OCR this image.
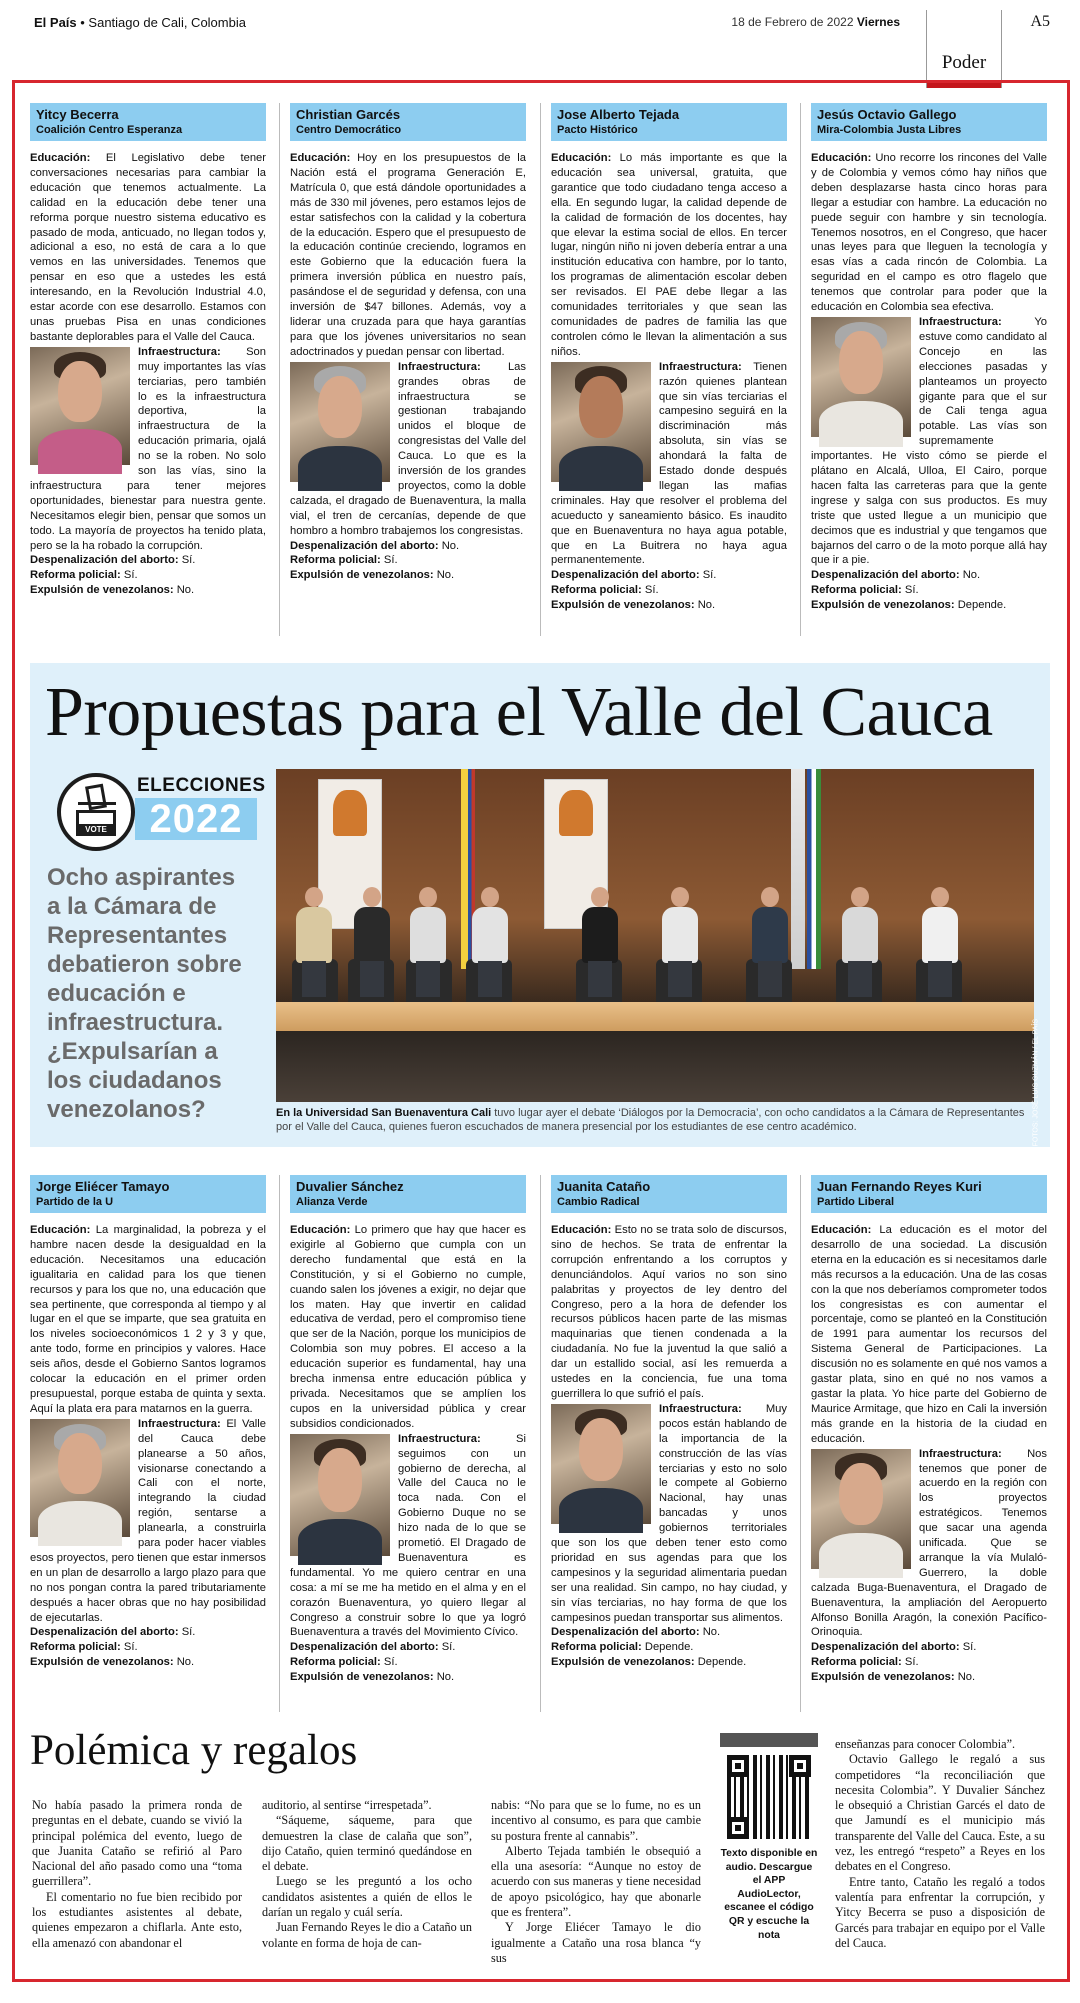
El País • Santiago de Cali, Colombia	18 de Febrero de 2022 Viernes
Poder
A5
Yitcy Becerra
Coalición Centro Esperanza

Educación: El Legislativo debe tener conversaciones necesarias para cambiar la educación que tenemos actualmente. La calidad en la educación debe tener una reforma porque nuestro sistema educativo es pasado de moda, anticuado, no llegan todos y, adicional a eso, no está de cara a lo que vemos en las universidades. Tenemos que pensar en eso que a ustedes les está interesando, en la Revolución Industrial 4.0, estar acorde con ese desarrollo. Estamos con unas pruebas Pisa en unas condiciones bastante deplorables para el Valle del Cauca.

Infraestructura: Son muy importantes las vías terciarias, pero también lo es la infraestructura deportiva, la infraestructura de la educación primaria, ojalá no se la roben. No solo son las vías, sino la infraestructura para tener mejores oportunidades, bienestar para nuestra gente. Necesitamos elegir bien, pensar que somos un todo. La mayoría de proyectos ha tenido plata, pero se la ha robado la corrupción.

Despenalización del aborto: Sí.

Reforma policial: Sí.

Expulsión de venezolanos: No.

Christian Garcés
Centro Democrático

Educación: Hoy en los presupuestos de la Nación está el programa Generación E, Matrícula 0, que está dándole oportunidades a más de 330 mil jóvenes, pero estamos lejos de estar satisfechos con la calidad y la cobertura de la educación. Espero que el presupuesto de la educación continúe creciendo, logramos en este Gobierno que la educación fuera la primera inversión pública en nuestro país, pasándose el de seguridad y defensa, con una inversión de $47 billones. Además, voy a liderar una cruzada para que haya garantías para que los jóvenes universitarios no sean adoctrinados y puedan pensar con libertad.

Infraestructura: Las grandes obras de infraestructura se gestionan trabajando unidos el bloque de congresistas del Valle del Cauca. Lo que es la inversión de los grandes proyectos, como la doble calzada, el dragado de Buenaventura, la malla vial, el tren de cercanías, depende de que hombro a hombro trabajemos los congresistas.

Despenalización del aborto: No.

Reforma policial: Sí.

Expulsión de venezolanos: No.

Jose Alberto Tejada
Pacto Histórico

Educación: Lo más importante es que la educación sea universal, gratuita, que garantice que todo ciudadano tenga acceso a ella. En segundo lugar, la calidad depende de la calidad de formación de los docentes, hay que elevar la estima social de ellos. En tercer lugar, ningún niño ni joven debería entrar a una institución educativa con hambre, por lo tanto, los programas de alimentación escolar deben ser revisados. El PAE debe llegar a las comunidades territoriales y que sean las comunidades de padres de familia las que controlen cómo le llevan la alimentación a sus niños.

Infraestructura: Tienen razón quienes plantean que sin vías terciarias el campesino seguirá en la discriminación más absoluta, sin vías se ahondará la falta de Estado donde después llegan las mafias criminales. Hay que resolver el problema del acueducto y saneamiento básico. Es inaudito que en Buenaventura no haya agua potable, que en La Buitrera no haya agua permanentemente.

Despenalización del aborto: Sí.

Reforma policial: Sí.

Expulsión de venezolanos: No.

Jesús Octavio Gallego
Mira-Colombia Justa Libres

Educación: Uno recorre los rincones del Valle y de Colombia y vemos cómo hay niños que deben desplazarse hasta cinco horas para llegar a estudiar con hambre. La educación no puede seguir con hambre y sin tecnología. Tenemos nosotros, en el Congreso, que hacer unas leyes para que lleguen la tecnología y esas vías a cada rincón de Colombia. La seguridad en el campo es otro flagelo que tenemos que controlar para poder que la educación en Colombia sea efectiva.

Infraestructura:	Yo estuve como candidato al Concejo en las elecciones pasadas y planteamos un proyecto gigante para que el sur de Cali tenga agua potable. Las vías son supremamente importantes. He visto cómo se pierde el plátano en Alcalá, Ulloa, El Cairo, porque hacen falta las carreteras para que la gente ingrese y salga con sus productos. Es muy triste que usted llegue a un municipio que decimos que es industrial y que tengamos que bajarnos del carro o de la moto porque allá hay que ir a pie.

Despenalización del aborto: No.

Reforma policial: Sí.

Expulsión de venezolanos: Depende.

Propuestas para el Valle del Cauca
VOTE
ELECCIONES
2022
Ocho aspirantes a la Cámara de Representantes debatieron sobre educación e infraestructura. ¿Expulsarían a los ciudadanos venezolanos?	FOTOS: JOSÉ LUIS GUZMÁN / EL PAÍS
En la Universidad San Buenaventura Cali tuvo lugar ayer el debate ‘Diálogos por la Democracia’, con ocho candidatos a la Cámara de Representantes por el Valle del Cauca, quienes fueron escuchados de manera presencial por los estudiantes de ese centro académico.
Jorge Eliécer Tamayo
Partido de la U

Educación: La marginalidad, la pobreza y el hambre nacen desde la desigualdad en la educación. Necesitamos una educación igualitaria en calidad para los que tienen recursos y para los que no, una educación que sea pertinente, que corresponda al tiempo y al lugar en el que se imparte, que sea gratuita en los niveles socioeconómicos 1 2 y 3 y que, ante todo, forme en principios y valores. Hace seis años, desde el Gobierno Santos logramos colocar la educación en el primer orden presupuestal, porque estaba de quinta y sexta. Aquí la plata era para matarnos en la guerra.

Infraestructura: El Valle del Cauca debe planearse a 50 años, visionarse conectando a Cali con el norte, integrando la ciudad región, sentarse a planearla, a construirla para poder hacer viables esos proyectos, pero tienen que estar inmersos en un plan de desarrollo a largo plazo para que no nos pongan contra la pared tributariamente después a hacer obras que no hay posibilidad de ejecutarlas.

Despenalización del aborto: Sí.

Reforma policial: Sí.

Expulsión de venezolanos: No.

Duvalier Sánchez
Alianza Verde

Educación: Lo primero que hay que hacer es exigirle al Gobierno que cumpla con un derecho fundamental que está en la Constitución, y si el Gobierno no cumple, cuando salen los jóvenes a exigir, no dejar que los maten. Hay que invertir en calidad educativa de verdad, pero el compromiso tiene que ser de la Nación, porque los municipios de Colombia son muy pobres. El acceso a la educación superior es fundamental, hay una brecha inmensa entre educación pública y privada. Necesitamos que se amplíen los cupos en la universidad pública y crear subsidios condicionados.

Infraestructura:	Si seguimos con un gobierno de derecha, al Valle del Cauca no le toca nada. Con el Gobierno Duque no se hizo nada de lo que se prometió. El Dragado de Buenaventura es fundamental. Yo me quiero centrar en una cosa: a mí se me ha metido en el alma y en el corazón Buenaventura, yo quiero llegar al Congreso a construir sobre lo que ya logró Buenaventura a través del Movimiento Cívico.

Despenalización del aborto: Sí.

Reforma policial: Sí.

Expulsión de venezolanos: No.

Juanita Cataño
Cambio Radical

Educación: Esto no se trata solo de discursos, sino de hechos. Se trata de enfrentar la corrupción enfrentando a los corruptos y denunciándolos. Aquí varios no son sino palabritas y proyectos de ley dentro del Congreso, pero a la hora de defender los recursos públicos hacen parte de las mismas maquinarias que tienen condenada a la ciudadanía. No fue la juventud la que salió a dar un estallido social, así les remuerda a ustedes en la conciencia, fue una toma guerrillera lo que sufrió el país.

Infraestructura: Muy pocos están hablando de la importancia de la construcción de las vías terciarias y esto no solo le compete al Gobierno Nacional, hay unas bancadas y unos gobiernos territoriales que son los que deben tener esto como prioridad en sus agendas para que los campesinos y la seguridad alimentaria puedan ser una realidad. Sin campo, no hay ciudad, y sin vías terciarias, no hay forma de que los campesinos puedan transportar sus alimentos.

Despenalización del aborto: No.

Reforma policial: Depende.

Expulsión de venezolanos: Depende.

Juan Fernando Reyes Kuri
Partido Liberal

Educación: La educación es el motor del desarrollo de una sociedad. La discusión eterna en la educación es si necesitamos darle más recursos a la educación. Una de las cosas con la que nos deberíamos comprometer todos los congresistas es con aumentar el porcentaje, como se planteó en la Constitución de 1991 para aumentar los recursos del Sistema General de Participaciones. La discusión no es solamente en qué nos vamos a gastar plata, sino en qué no nos vamos a gastar la plata. Yo hice parte del Gobierno de Maurice Armitage, que hizo en Cali la inversión más grande en la historia de la ciudad en educación.

Infraestructura: Nos tenemos que poner de acuerdo en la región con los proyectos estratégicos. Tenemos que sacar una agenda unificada. Que se arranque la vía Mulaló-Guerrero, la doble calzada Buga-Buenaventura, el Dragado de Buenaventura, la ampliación del Aeropuerto Alfonso Bonilla Aragón, la conexión Pacífico-Orinoquia.

Despenalización del aborto: Sí.

Reforma policial: Sí.

Expulsión de venezolanos: No.

Polémica y regalos

No había pasado la primera ronda de preguntas en el debate, cuando se vivió la principal polémica del evento, luego de que Juanita Cataño se refirió al Paro Nacional del año pasado como una “toma guerrillera”.

El comentario no fue bien recibido por los estudiantes asistentes al debate, quienes empezaron a chiflarla. Ante esto, ella amenazó con abandonar el

auditorio, al sentirse “irrespetada”.

“Sáqueme, sáqueme, para que demuestren la clase de calaña que son”, dijo Cataño, quien terminó quedándose en el debate.

Luego se les preguntó a los ocho candidatos asistentes a quién de ellos le darían un regalo y cuál sería.

Juan Fernando Reyes le dio a Cataño un volante en forma de hoja de can-

nabis: “No para que se lo fume, no es un incentivo al consumo, es para que cambie su postura frente al cannabis”.

Alberto Tejada también le obsequió a ella una asesoría: “Aunque no estoy de acuerdo con sus maneras y tiene necesidad de apoyo psicológico, hay que abonarle que es frentera”.

Y Jorge Eliécer Tamayo le dio igualmente a Cataño una rosa blanca “y sus

Texto disponible en audio. Descargue el APP AudioLector, escanee el código QR y escuche la nota

enseñanzas para conocer Colombia”.

Octavio Gallego le regaló a sus competidores “la reconciliación que necesita Colombia”. Y Duvalier Sánchez le obsequió a Christian Garcés el dato de que Jamundí es el municipio más transparente del Valle del Cauca. Este, a su vez, les entregó “respeto” a Reyes en los debates en el Congreso.

Entre tanto, Cataño les regaló a todos valentía para enfrentar la corrupción, y Yitcy Becerra se puso a disposición de Garcés para trabajar en equipo por el Valle del Cauca.
